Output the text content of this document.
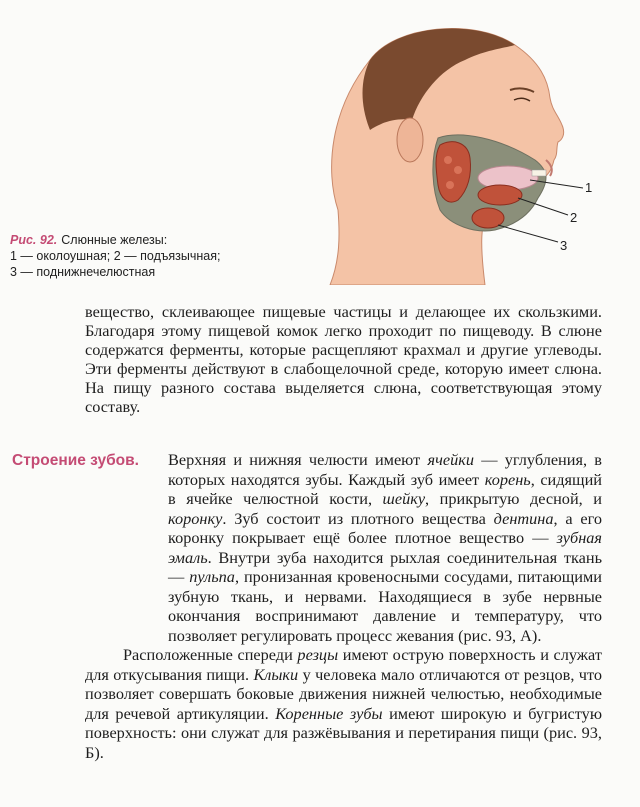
1
2
3
Рис. 92. Слюнные железы:
1 — околоушная; 2 — подъязычная;
3 — поднижнечелюстная

вещество, склеивающее пищевые частицы и делающее их скользкими. Благодаря этому пищевой комок легко проходит по пищеводу. В слюне содержатся ферменты, которые расщепляют крахмал и другие углеводы. Эти ферменты действуют в слабощелочной среде, которую имеет слюна. На пищу разного состава выделяется слюна, соответствующая этому составу.

Строение зубов. Верхняя и нижняя челюсти имеют ячейки — углубления, в которых находятся зубы. Каждый зуб имеет корень, сидящий в ячейке челюстной кости, шейку, прикрытую десной, и коронку. Зуб состоит из плотного вещества дентина, а его коронку покрывает ещё более плотное вещество — зубная эмаль. Внутри зуба находится рыхлая соединительная ткань — пульпа, пронизанная кровеносными сосудами, питающими зубную ткань, и нервами. Находящиеся в зубе нервные окончания воспринимают давление и температуру, что позволяет регулировать процесс жевания (рис. 93, А).

Расположенные спереди резцы имеют острую поверхность и служат для откусывания пищи. Клыки у человека мало отличаются от резцов, что позволяет совершать боковые движения нижней челюстью, необходимые для речевой артикуляции. Коренные зубы имеют широкую и бугристую поверхность: они служат для разжёвывания и перетирания пищи (рис. 93, Б).
